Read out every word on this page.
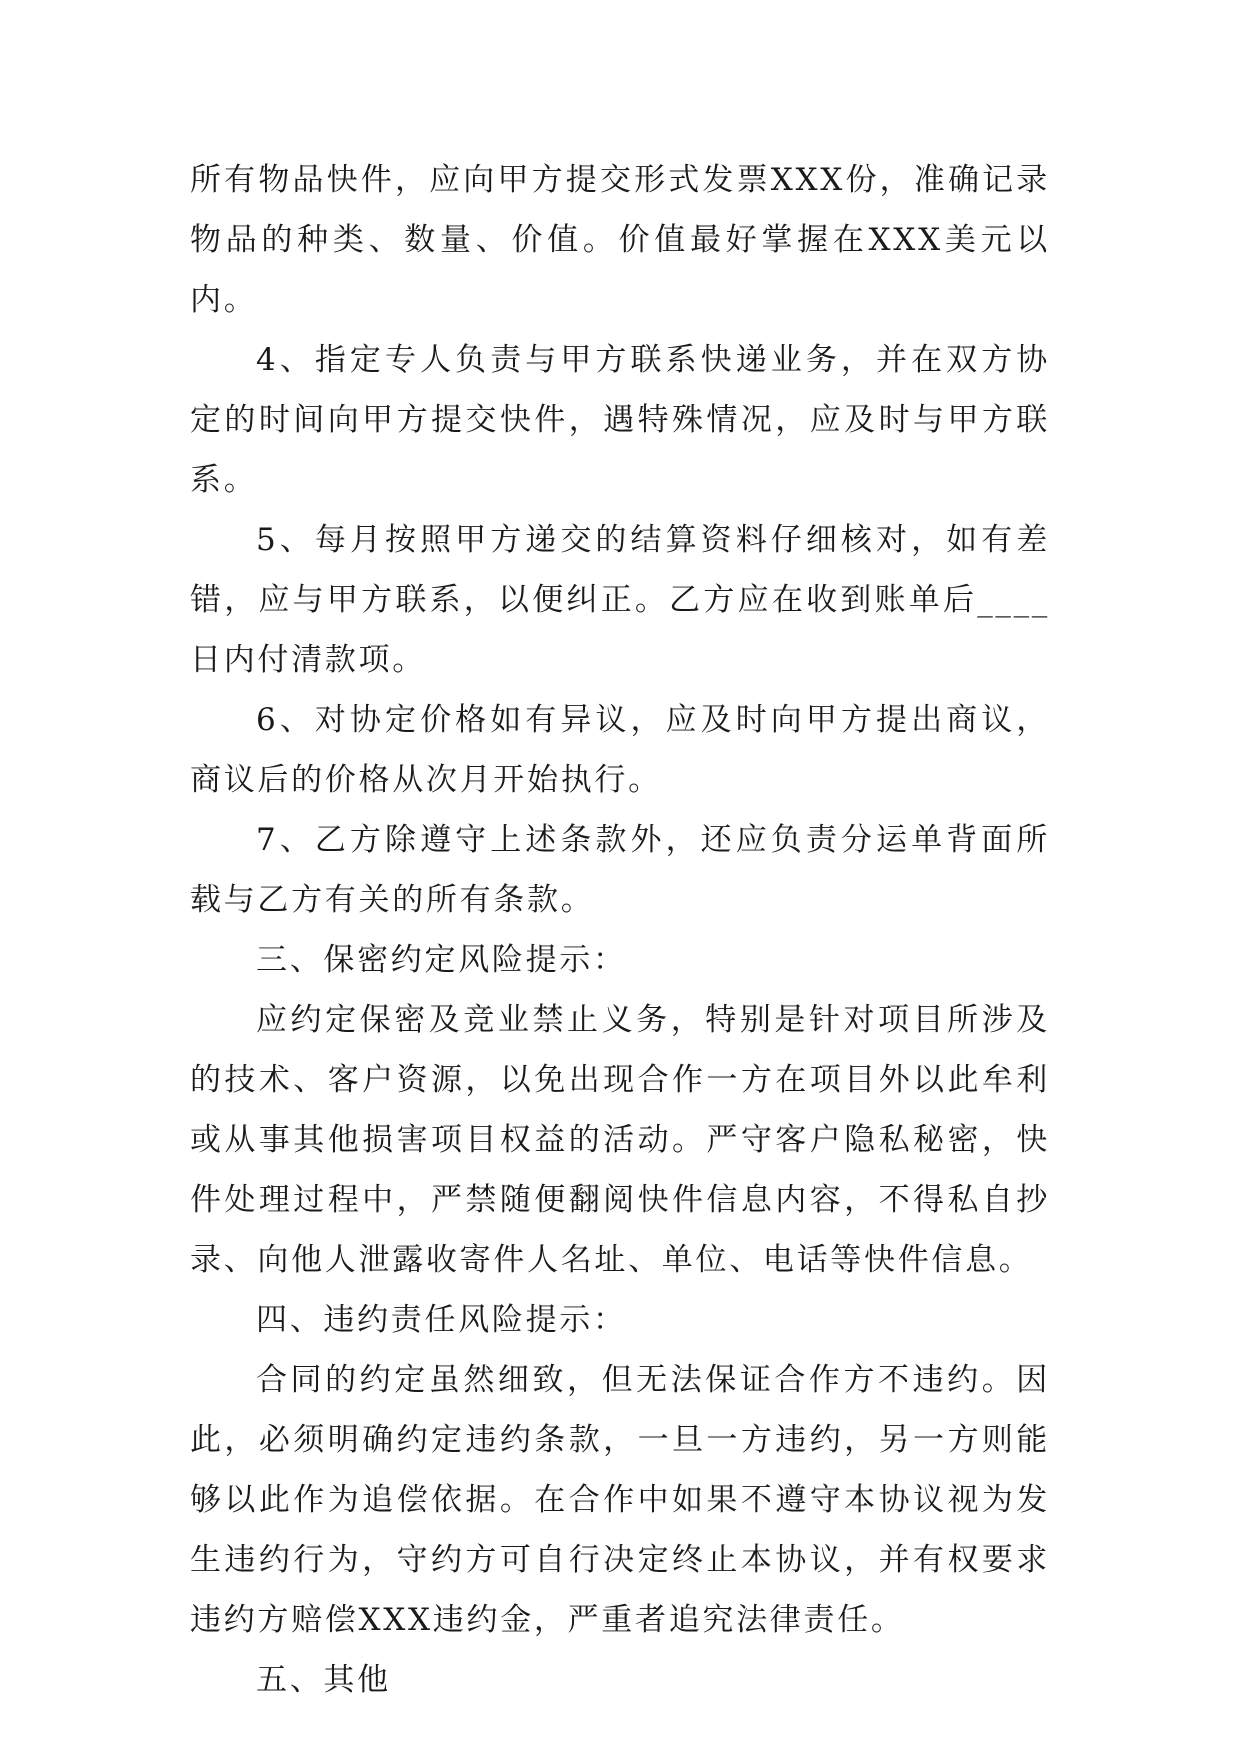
所有物品快件，应向甲方提交形式发票XXX份，准确记录物品的种类、数量、价值。价值最好掌握在XXX美元以内。

4、指定专人负责与甲方联系快递业务，并在双方协定的时间向甲方提交快件，遇特殊情况，应及时与甲方联系。

5、每月按照甲方递交的结算资料仔细核对，如有差错，应与甲方联系，以便纠正。乙方应在收到账单后____日内付清款项。

6、对协定价格如有异议，应及时向甲方提出商议，商议后的价格从次月开始执行。

7、乙方除遵守上述条款外，还应负责分运单背面所载与乙方有关的所有条款。

三、保密约定风险提示：

应约定保密及竞业禁止义务，特别是针对项目所涉及的技术、客户资源，以免出现合作一方在项目外以此牟利或从事其他损害项目权益的活动。严守客户隐私秘密，快件处理过程中，严禁随便翻阅快件信息内容，不得私自抄录、向他人泄露收寄件人名址、单位、电话等快件信息。

四、违约责任风险提示：

合同的约定虽然细致，但无法保证合作方不违约。因此，必须明确约定违约条款，一旦一方违约，另一方则能够以此作为追偿依据。在合作中如果不遵守本协议视为发生违约行为，守约方可自行决定终止本协议，并有权要求违约方赔偿XXX违约金，严重者追究法律责任。

五、其他
